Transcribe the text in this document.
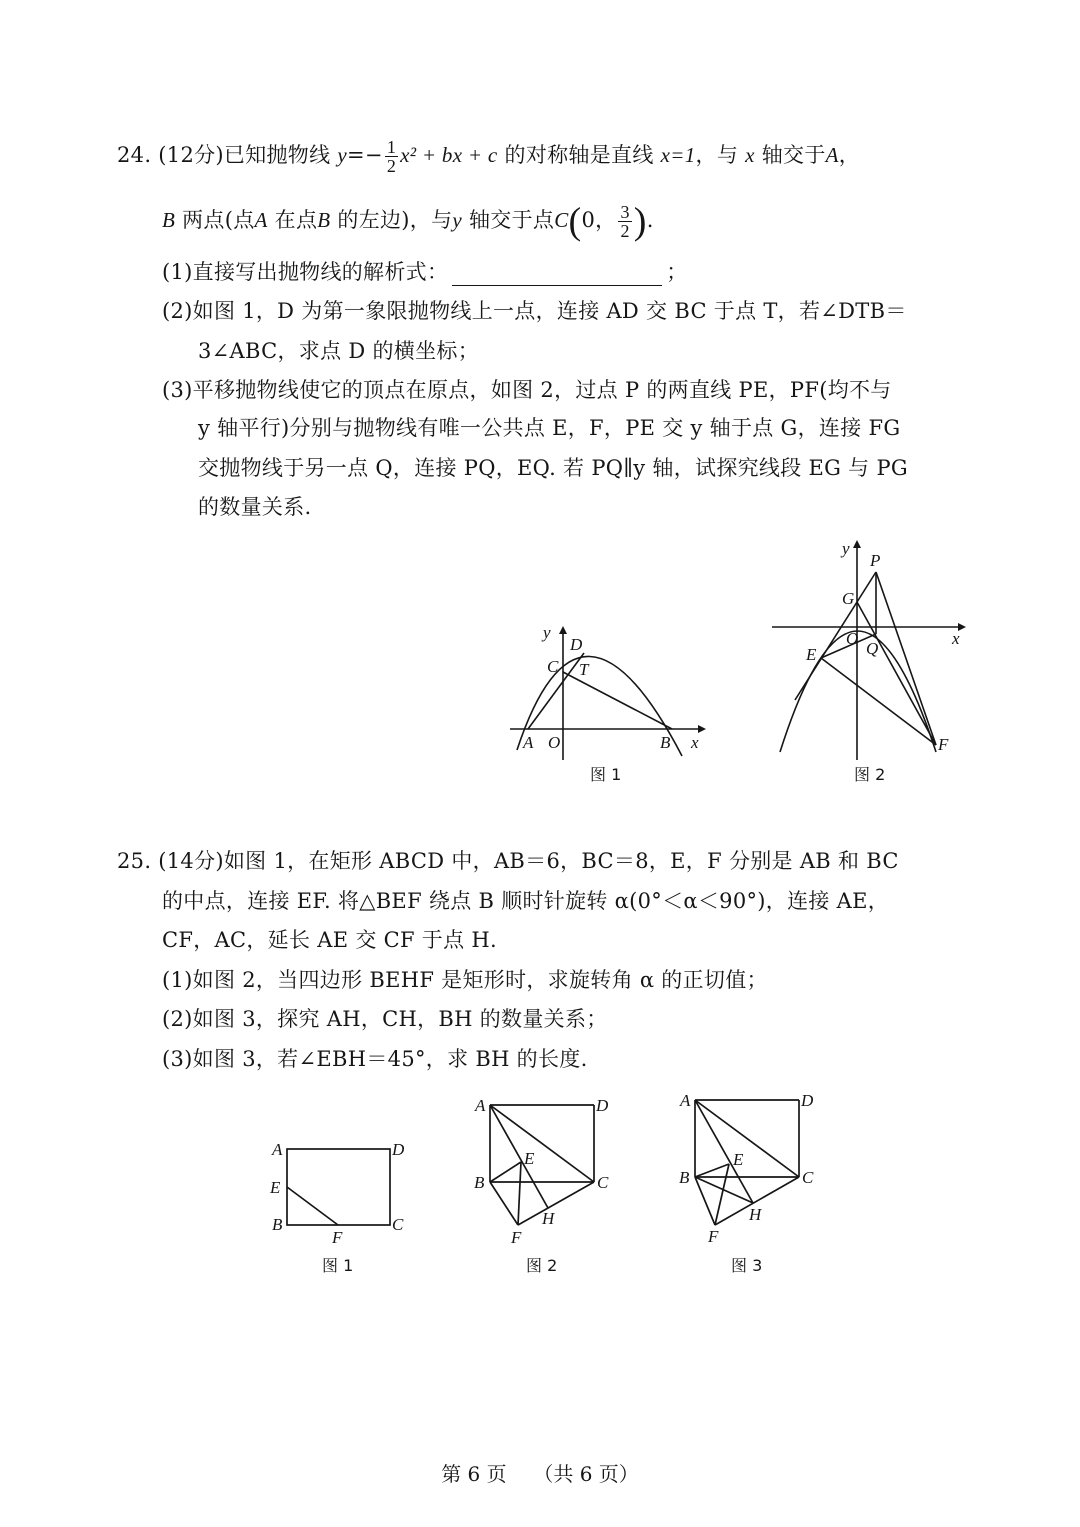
24. (12分)已知抛物线 $y=- \frac{1}{2} x^2$ + bx + c 的对称轴是直线 x=1，与 x 轴交于A，
B 两点(点A 在点B 的左边)，与y 轴交于点C(0， $\frac{3}{2}$ ).
(1)直接写出抛物线的解析式：	；
(2)如图 1，D 为第一象限抛物线上一点，连接 AD 交 BC 于点 T，若∠DTB＝
3∠ABC，求点 D 的横坐标；
(3)平移抛物线使它的顶点在原点，如图 2，过点 P 的两直线 PE，PF(均不与
y 轴平行)分别与抛物线有唯一公共点 E，F，PE 交 y 轴于点 G，连接 FG
交抛物线于另一点 Q，连接 PQ，EQ. 若 PQ∥y 轴，试探究线段 EG 与 PG
的数量关系.
D
C T
y
A O	B x
图 1
y
P
G
O
Q
x
E
F
图 2
25. (14分)如图 1，在矩形 ABCD 中，AB＝6，BC＝8，E，F 分别是 AB 和 BC
的中点，连接 EF. 将△BEF 绕点 B 顺时针旋转 α(0°＜α＜90°)，连接 AE，
CF，AC，延长 AE 交 CF 于点 H.
(1)如图 2，当四边形 BEHF 是矩形时，求旋转角 α 的正切值；
(2)如图 3，探究 AH，CH，BH 的数量关系；
(3)如图 3，若∠EBH＝45°，求 BH 的长度.
A	D
E
B
F
C
图 1
A	D
E
B	C
H
F
图 2
A	D
E
B	C
H
F
图 3
第 6 页 （共 6 页）
